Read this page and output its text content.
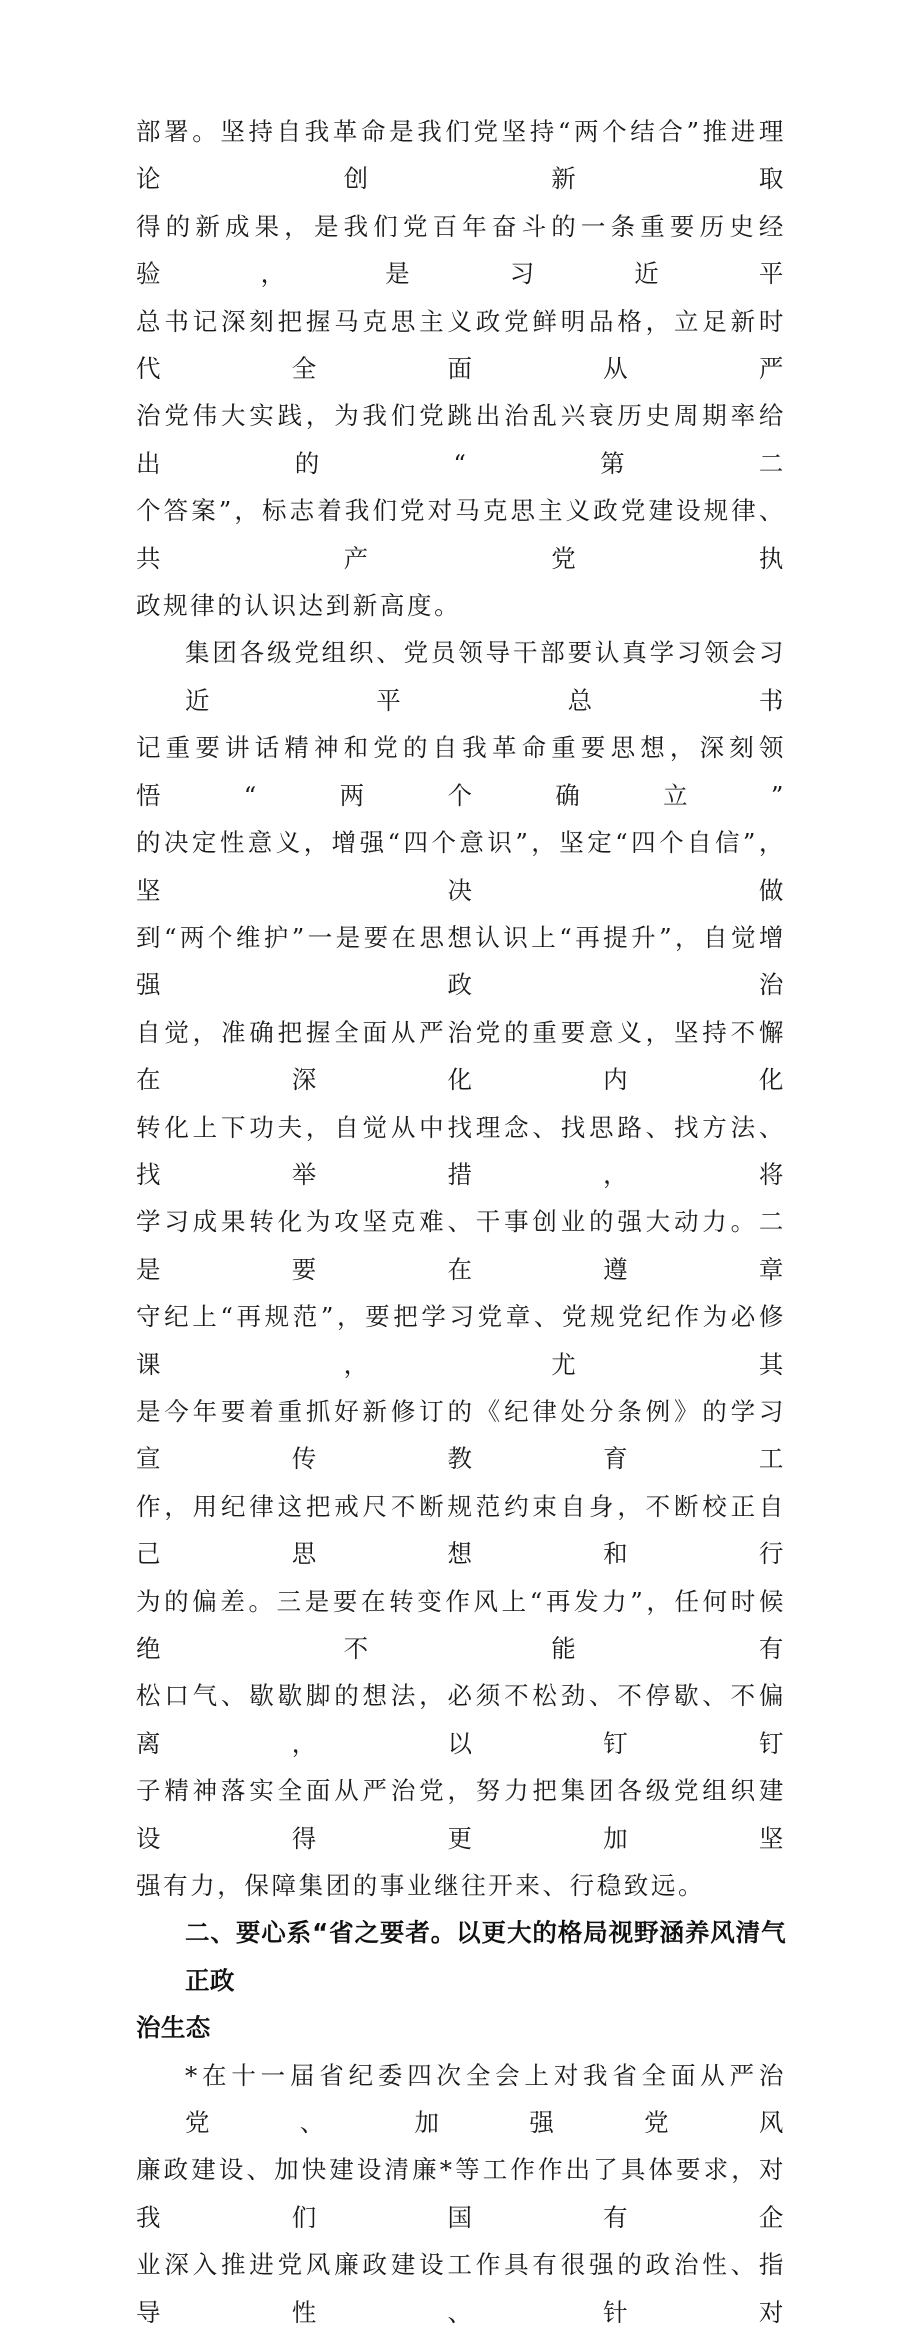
部署。坚持自我革命是我们党坚持“两个结合”推进理论创新取
得的新成果，是我们党百年奋斗的一条重要历史经验，是习近平
总书记深刻把握马克思主义政党鲜明品格，立足新时代全面从严
治党伟大实践，为我们党跳出治乱兴衰历史周期率给出的“第二
个答案”，标志着我们党对马克思主义政党建设规律、共产党执
政规律的认识达到新高度。
集团各级党组织、党员领导干部要认真学习领会习近平总书
记重要讲话精神和党的自我革命重要思想，深刻领悟“两个确立”
的决定性意义，增强“四个意识”，坚定“四个自信”，坚决做
到“两个维护”一是要在思想认识上“再提升”，自觉增强政治
自觉，准确把握全面从严治党的重要意义，坚持不懈在深化内化
转化上下功夫，自觉从中找理念、找思路、找方法、找举措，将
学习成果转化为攻坚克难、干事创业的强大动力。二是要在遵章
守纪上“再规范”，要把学习党章、党规党纪作为必修课，尤其
是今年要着重抓好新修订的《纪律处分条例》的学习宣传教育工
作，用纪律这把戒尺不断规范约束自身，不断校正自己思想和行
为的偏差。三是要在转变作风上“再发力”，任何时候绝不能有
松口气、歇歇脚的想法，必须不松劲、不停歇、不偏离，以钉钉
子精神落实全面从严治党，努力把集团各级党组织建设得更加坚
强有力，保障集团的事业继往开来、行稳致远。
二、要心系“省之要者。以更大的格局视野涵养风清气正政
治生态
*在十一届省纪委四次全会上对我省全面从严治党、加强党风
廉政建设、加快建设清廉*等工作作出了具体要求，对我们国有企
业深入推进党风廉政建设工作具有很强的政治性、指导性、针对
